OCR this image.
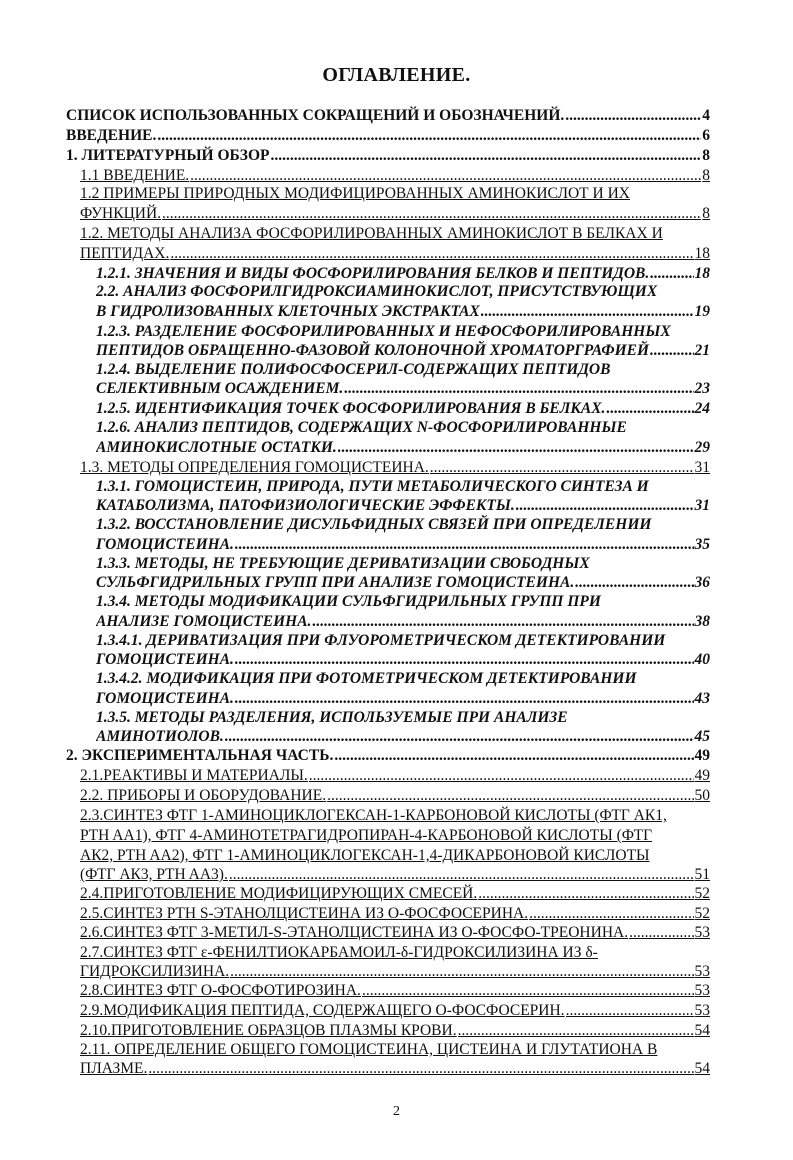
ОГЛАВЛЕНИЕ.
СПИСОК ИСПОЛЬЗОВАННЫХ СОКРАЩЕНИЙ И ОБОЗНАЧЕНИЙ. .....	4
ВВЕДЕНИЕ. .....	6
1. ЛИТЕРАТУРНЫЙ ОБЗОР .....	8
1.1 ВВЕДЕНИЕ. .....	8
1.2 ПРИМЕРЫ ПРИРОДНЫХ МОДИФИЦИРОВАННЫХ АМИНОКИСЛОТ И ИХ
ФУНКЦИЙ. .....	8
1.2. МЕТОДЫ АНАЛИЗА ФОСФОРИЛИРОВАННЫХ АМИНОКИСЛОТ В БЕЛКАХ И
ПЕПТИДАХ. .....	18
1.2.1. ЗНАЧЕНИЯ И ВИДЫ ФОСФОРИЛИРОВАНИЯ БЕЛКОВ И ПЕПТИДОВ. .....	18
2.2. АНАЛИЗ ФОСФОРИЛГИДРОКСИАМИНОКИСЛОТ, ПРИСУТСТВУЮЩИХ
В ГИДРОЛИЗОВАННЫХ КЛЕТОЧНЫХ ЭКСТРАКТАХ .....	19
1.2.3. РАЗДЕЛЕНИЕ ФОСФОРИЛИРОВАННЫХ И НЕФОСФОРИЛИРОВАННЫХ
ПЕПТИДОВ ОБРАЩЕННО-ФАЗОВОЙ КОЛОНОЧНОЙ ХРОМАТОРГРАФИЕЙ .....	21
1.2.4. ВЫДЕЛЕНИЕ ПОЛИФОСФОСЕРИЛ-СОДЕРЖАЩИХ ПЕПТИДОВ
СЕЛЕКТИВНЫМ ОСАЖДЕНИЕМ. .....	23
1.2.5. ИДЕНТИФИКАЦИЯ ТОЧЕК ФОСФОРИЛИРОВАНИЯ В БЕЛКАХ. .....	24
1.2.6. АНАЛИЗ ПЕПТИДОВ, СОДЕРЖАЩИХ N-ФОСФОРИЛИРОВАННЫЕ
АМИНОКИСЛОТНЫЕ ОСТАТКИ. .....	29
1.3. МЕТОДЫ ОПРЕДЕЛЕНИЯ ГОМОЦИСТЕИНА. .....	31
1.3.1. ГОМОЦИСТЕИН, ПРИРОДА, ПУТИ МЕТАБОЛИЧЕСКОГО СИНТЕЗА И
КАТАБОЛИЗМА, ПАТОФИЗИОЛОГИЧЕСКИЕ ЭФФЕКТЫ. .....	31
1.3.2. ВОССТАНОВЛЕНИЕ ДИСУЛЬФИДНЫХ СВЯЗЕЙ ПРИ ОПРЕДЕЛЕНИИ
ГОМОЦИСТЕИНА. .....	35
1.3.3. МЕТОДЫ, НЕ ТРЕБУЮЩИЕ ДЕРИВАТИЗАЦИИ СВОБОДНЫХ
СУЛЬФГИДРИЛЬНЫХ ГРУПП ПРИ АНАЛИЗЕ ГОМОЦИСТЕИНА. .....	36
1.3.4. МЕТОДЫ МОДИФИКАЦИИ СУЛЬФГИДРИЛЬНЫХ ГРУПП ПРИ
АНАЛИЗЕ ГОМОЦИСТЕИНА. .....	38
1.3.4.1. ДЕРИВАТИЗАЦИЯ ПРИ ФЛУОРОМЕТРИЧЕСКОМ ДЕТЕКТИРОВАНИИ
ГОМОЦИСТЕИНА. .....	40
1.3.4.2. МОДИФИКАЦИЯ ПРИ ФОТОМЕТРИЧЕСКОМ ДЕТЕКТИРОВАНИИ
ГОМОЦИСТЕИНА. .....	43
1.3.5. МЕТОДЫ РАЗДЕЛЕНИЯ, ИСПОЛЬЗУЕМЫЕ ПРИ АНАЛИЗЕ
АМИНОТИОЛОВ. .....	45
2. ЭКСПЕРИМЕНТАЛЬНАЯ ЧАСТЬ. .....	49
2.1.РЕАКТИВЫ И МАТЕРИАЛЫ. .....	49
2.2. ПРИБОРЫ И ОБОРУДОВАНИЕ. .....	50
2.3.СИНТЕЗ ФТГ 1-АМИНОЦИКЛОГЕКСАН-1-КАРБОНОВОЙ КИСЛОТЫ (ФТГ АК1,
PTH AA1), ФТГ 4-АМИНОТЕТРАГИДРОПИРАН-4-КАРБОНОВОЙ КИСЛОТЫ (ФТГ
АК2, PTH AA2), ФТГ 1-АМИНОЦИКЛОГЕКСАН-1,4-ДИКАРБОНОВОЙ КИСЛОТЫ
(ФТГ АК3, PTH AA3). .....	51
2.4.ПРИГОТОВЛЕНИЕ МОДИФИЦИРУЮЩИХ СМЕСЕЙ. .....	52
2.5.СИНТЕЗ PTH S-ЭТАНОЛЦИСТЕИНА ИЗ О-ФОСФОСЕРИНА. .....	52
2.6.СИНТЕЗ ФТГ 3-МЕТИЛ-S-ЭТАНОЛЦИСТЕИНА ИЗ О-ФОСФО-ТРЕОНИНА. .....	53
2.7.СИНТЕЗ ФТГ ε-ФЕНИЛТИОКАРБАМОИЛ-δ-ГИДРОКСИЛИЗИНА ИЗ δ-
ГИДРОКСИЛИЗИНА. .....	53
2.8.СИНТЕЗ ФТГ О-ФОСФОТИРОЗИНА. .....	53
2.9.МОДИФИКАЦИЯ ПЕПТИДА, СОДЕРЖАЩЕГО О-ФОСФОСЕРИН. .....	53
2.10.ПРИГОТОВЛЕНИЕ ОБРАЗЦОВ ПЛАЗМЫ КРОВИ. .....	54
2.11. ОПРЕДЕЛЕНИЕ ОБЩЕГО ГОМОЦИСТЕИНА, ЦИСТЕИНА И ГЛУТАТИОНА В
ПЛАЗМЕ. .....	54
2
